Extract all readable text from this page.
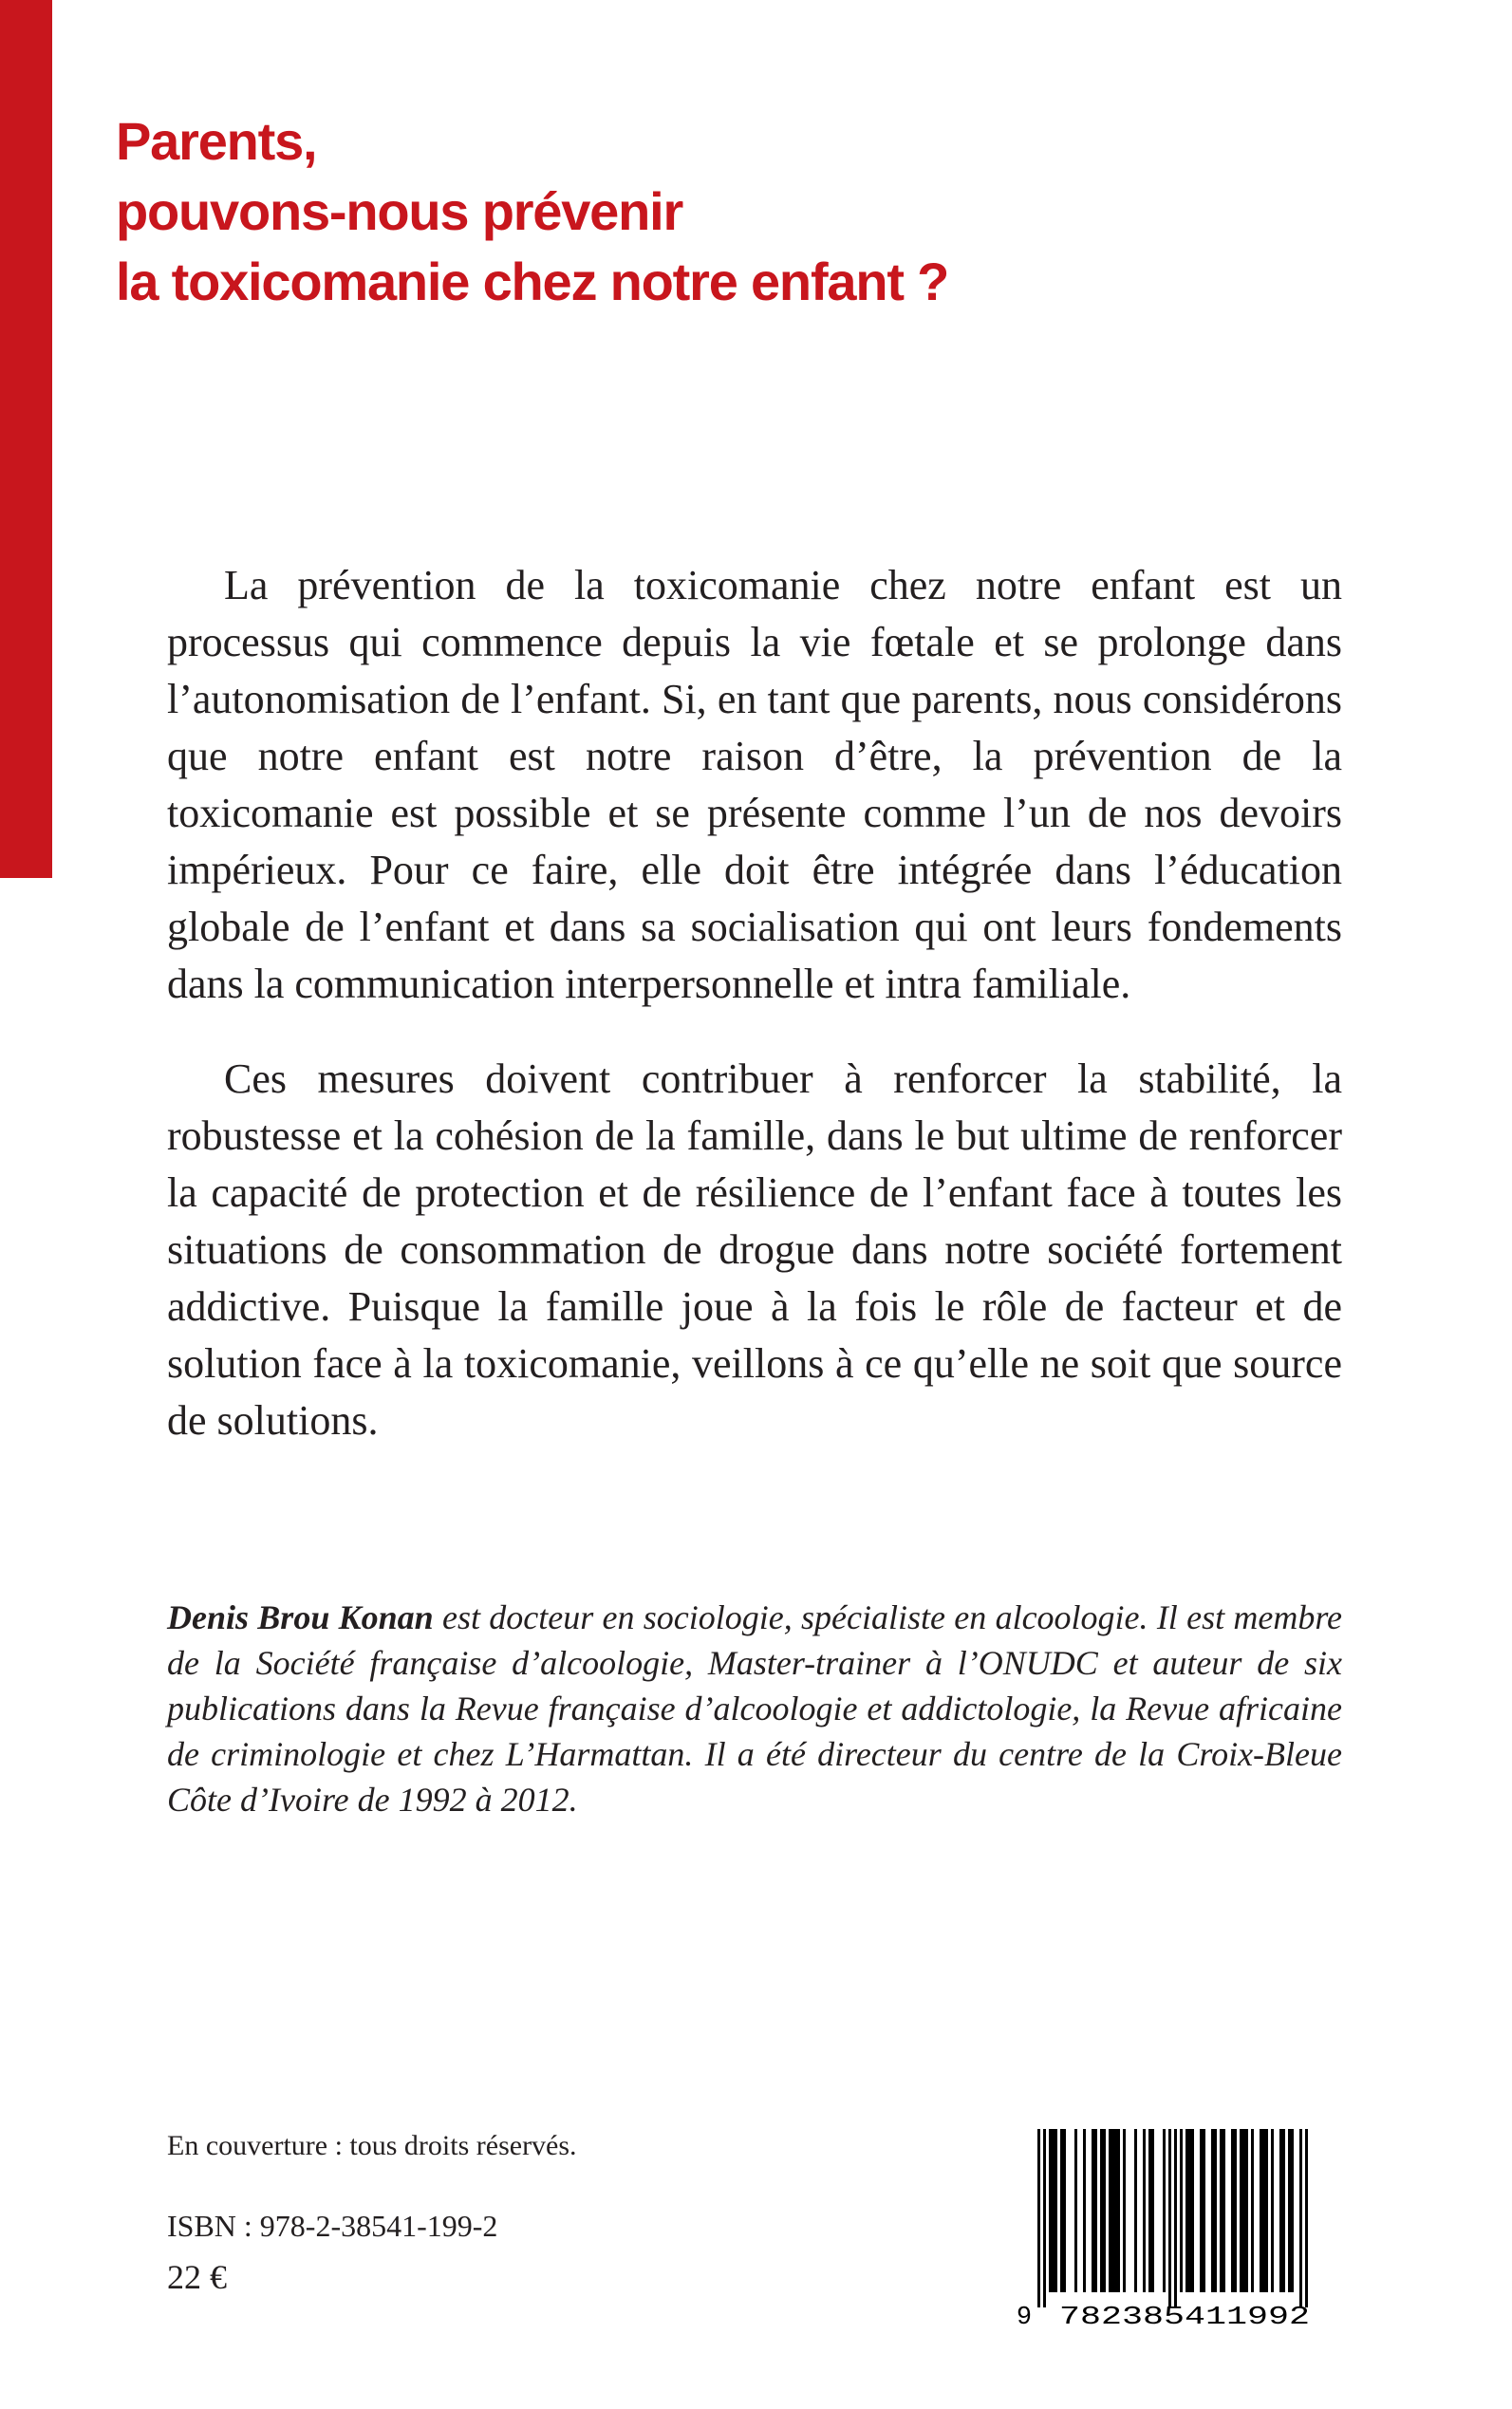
Parents,
pouvons-nous prévenir
la toxicomanie chez notre enfant ?

La prévention de la toxicomanie chez notre enfant est un processus qui commence depuis la vie fœtale et se prolonge dans l’autonomisation de l’enfant. Si, en tant que parents, nous considérons que notre enfant est notre raison d’être, la prévention de la toxicomanie est possible et se présente comme l’un de nos devoirs impérieux. Pour ce faire, elle doit être intégrée dans l’éducation globale de l’enfant et dans sa socialisation qui ont leurs fondements dans la communication interpersonnelle et intra familiale.

Ces mesures doivent contribuer à renforcer la stabilité, la robustesse et la cohésion de la famille, dans le but ultime de renforcer la capacité de protection et de résilience de l’enfant face à toutes les situations de consommation de drogue dans notre société fortement addictive. Puisque la famille joue à la fois le rôle de facteur et de solution face à la toxicomanie, veillons à ce qu’elle ne soit que source de solutions.

Denis Brou Konan est docteur en sociologie, spécialiste en alcoologie. Il est membre de la Société française d’alcoologie, Master-trainer à l’ONUDC et auteur de six publications dans la Revue française d’alcoologie et addictologie, la Revue africaine de criminologie et chez L’Harmattan. Il a été directeur du centre de la Croix-Bleue Côte d’Ivoire de 1992 à 2012.

En couverture : tous droits réservés.

ISBN : 978-2-38541-199-2

22 €

9 782385 411992
